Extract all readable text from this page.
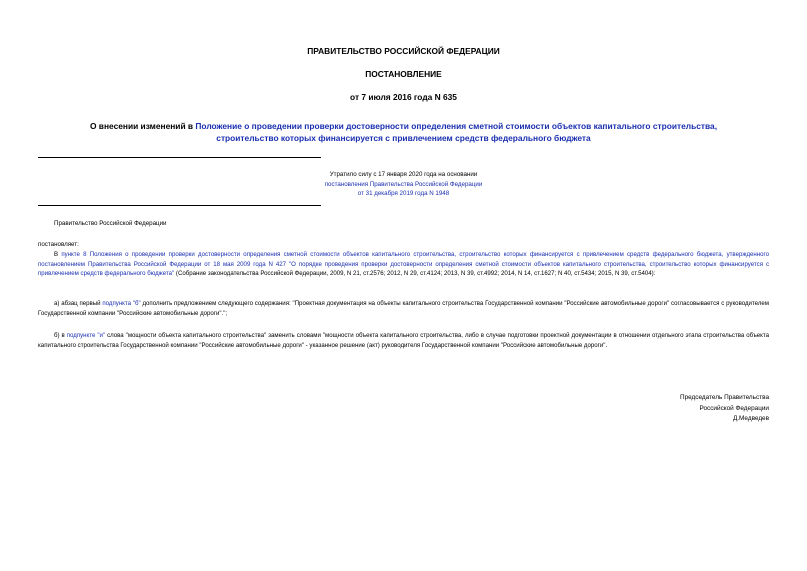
ПРАВИТЕЛЬСТВО РОССИЙСКОЙ ФЕДЕРАЦИИ
ПОСТАНОВЛЕНИЕ
от 7 июля 2016 года N 635
О внесении изменений в Положение о проведении проверки достоверности определения сметной стоимости объектов капитального строительства,
строительство которых финансируется с привлечением средств федерального бюджета
Утратило силу с 17 января 2020 года на основании
постановления Правительства Российской Федерации
от 31 декабря 2019 года N 1948
Правительство Российской Федерации
постановляет:
В пункте 8 Положения о проведении проверки достоверности определения сметной стоимости объектов капитального строительства, строительство которых финансируется с привлечением средств федерального бюджета, утвержденного постановлением Правительства Российской Федерации от 18 мая 2009 года N 427 "О порядке проведения проверки достоверности определения сметной стоимости объектов капитального строительства, строительство которых финансируется с привлечением средств федерального бюджета" (Собрание законодательства Российской Федерации, 2009, N 21, ст.2576; 2012, N 29, ст.4124; 2013, N 39, ст.4992; 2014, N 14, ст.1627; N 40, ст.5434; 2015, N 39, ст.5404):
а) абзац первый подпункта "б" дополнить предложением следующего содержания: "Проектная документация на объекты капитального строительства Государственной компании "Российские автомобильные дороги" согласовывается с руководителем Государственной компании "Российские автомобильные дороги".";
б) в подпункте "и" слова "мощности объекта капитального строительства" заменить словами "мощности объекта капитального строительства, либо в случае подготовки проектной документации в отношении отдельного этапа строительства объекта капитального строительства Государственной компании "Российские автомобильные дороги" - указанное решение (акт) руководителя Государственной компании "Российские автомобильные дороги".
Председатель Правительства
Российской Федерации
Д.Медведев
